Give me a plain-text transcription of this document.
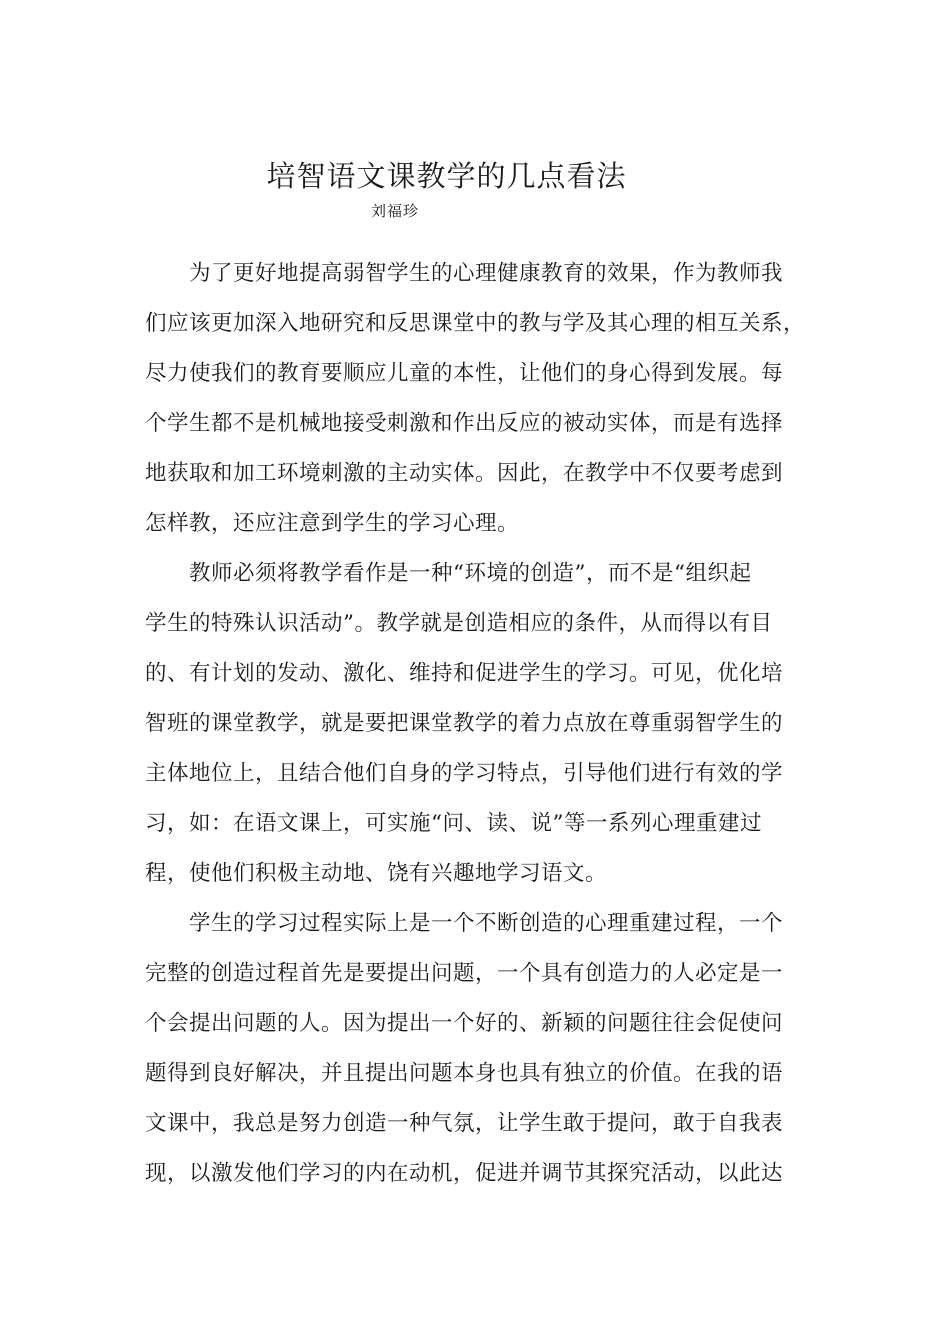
培智语文课教学的几点看法
刘福珍
为了更好地提高弱智学生的心理健康教育的效果，作为教师我
们应该更加深入地研究和反思课堂中的教与学及其心理的相互关系，
尽力使我们的教育要顺应儿童的本性，让他们的身心得到发展。每
个学生都不是机械地接受刺激和作出反应的被动实体，而是有选择
地获取和加工环境刺激的主动实体。因此，在教学中不仅要考虑到
怎样教，还应注意到学生的学习心理。
教师必须将教学看作是一种“环境的创造”，而不是“组织起
学生的特殊认识活动”。教学就是创造相应的条件，从而得以有目
的、有计划的发动、激化、维持和促进学生的学习。可见，优化培
智班的课堂教学，就是要把课堂教学的着力点放在尊重弱智学生的
主体地位上，且结合他们自身的学习特点，引导他们进行有效的学
习，如：在语文课上，可实施“问、读、说”等一系列心理重建过
程，使他们积极主动地、饶有兴趣地学习语文。
学生的学习过程实际上是一个不断创造的心理重建过程，一个
完整的创造过程首先是要提出问题，一个具有创造力的人必定是一
个会提出问题的人。因为提出一个好的、新颖的问题往往会促使问
题得到良好解决，并且提出问题本身也具有独立的价值。在我的语
文课中，我总是努力创造一种气氛，让学生敢于提问，敢于自我表
现，以激发他们学习的内在动机，促进并调节其探究活动，以此达
